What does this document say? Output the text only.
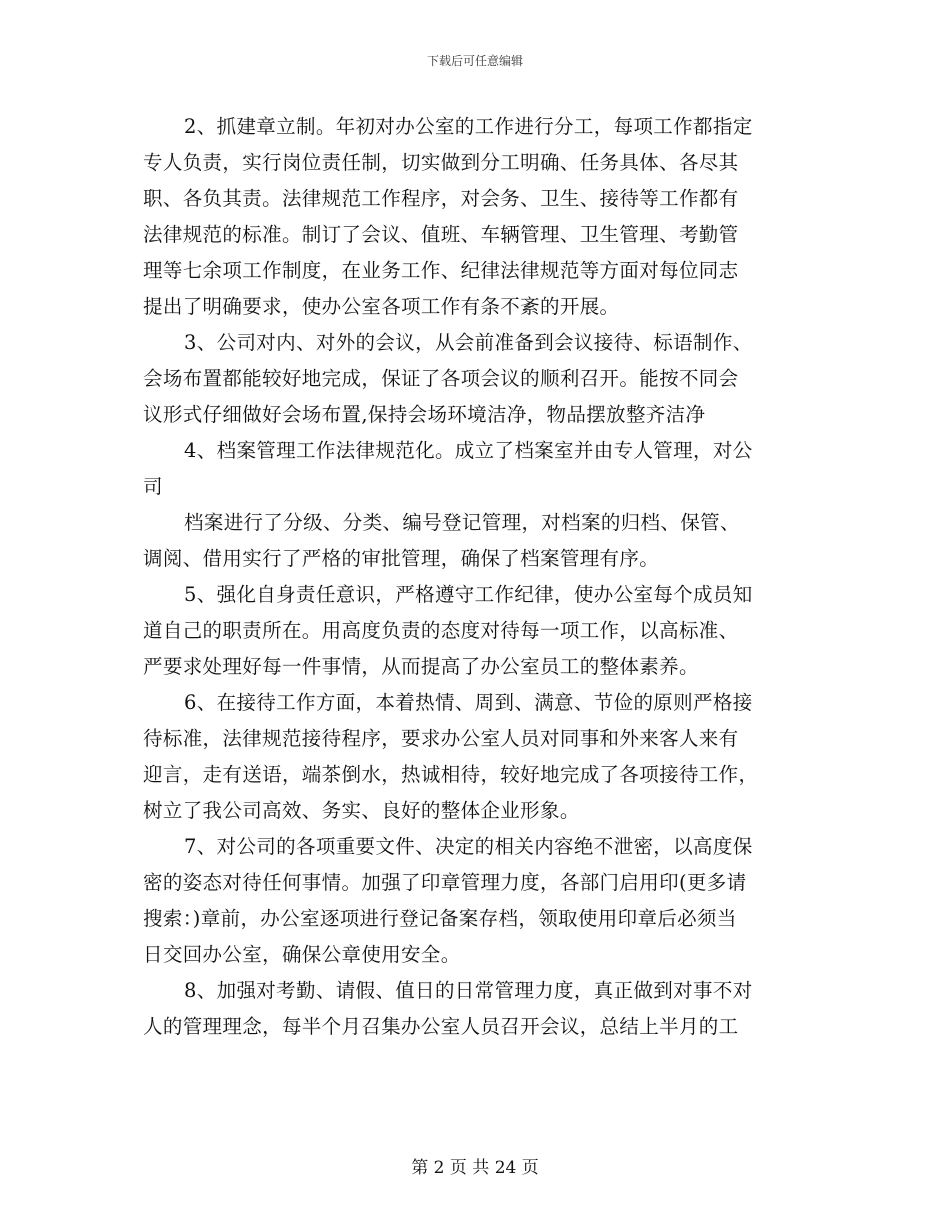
下载后可任意编辑
2、抓建章立制。年初对办公室的工作进行分工，每项工作都指定
专人负责，实行岗位责任制，切实做到分工明确、任务具体、各尽其
职、各负其责。法律规范工作程序，对会务、卫生、接待等工作都有
法律规范的标准。制订了会议、值班、车辆管理、卫生管理、考勤管
理等七余项工作制度，在业务工作、纪律法律规范等方面对每位同志
提出了明确要求，使办公室各项工作有条不紊的开展。
3、公司对内、对外的会议，从会前准备到会议接待、标语制作、
会场布置都能较好地完成，保证了各项会议的顺利召开。能按不同会
议形式仔细做好会场布置,保持会场环境洁净，物品摆放整齐洁净
4、档案管理工作法律规范化。成立了档案室并由专人管理，对公
司
档案进行了分级、分类、编号登记管理，对档案的归档、保管、
调阅、借用实行了严格的审批管理，确保了档案管理有序。
5、强化自身责任意识，严格遵守工作纪律，使办公室每个成员知
道自己的职责所在。用高度负责的态度对待每一项工作，以高标准、
严要求处理好每一件事情，从而提高了办公室员工的整体素养。
6、在接待工作方面，本着热情、周到、满意、节俭的原则严格接
待标准，法律规范接待程序，要求办公室人员对同事和外来客人来有
迎言，走有送语，端茶倒水，热诚相待，较好地完成了各项接待工作，
树立了我公司高效、务实、良好的整体企业形象。
7、对公司的各项重要文件、决定的相关内容绝不泄密，以高度保
密的姿态对待任何事情。加强了印章管理力度，各部门启用印(更多请
搜索：)章前，办公室逐项进行登记备案存档，领取使用印章后必须当
日交回办公室，确保公章使用安全。
8、加强对考勤、请假、值日的日常管理力度，真正做到对事不对
人的管理理念，每半个月召集办公室人员召开会议，总结上半月的工
第 2 页 共 24 页
